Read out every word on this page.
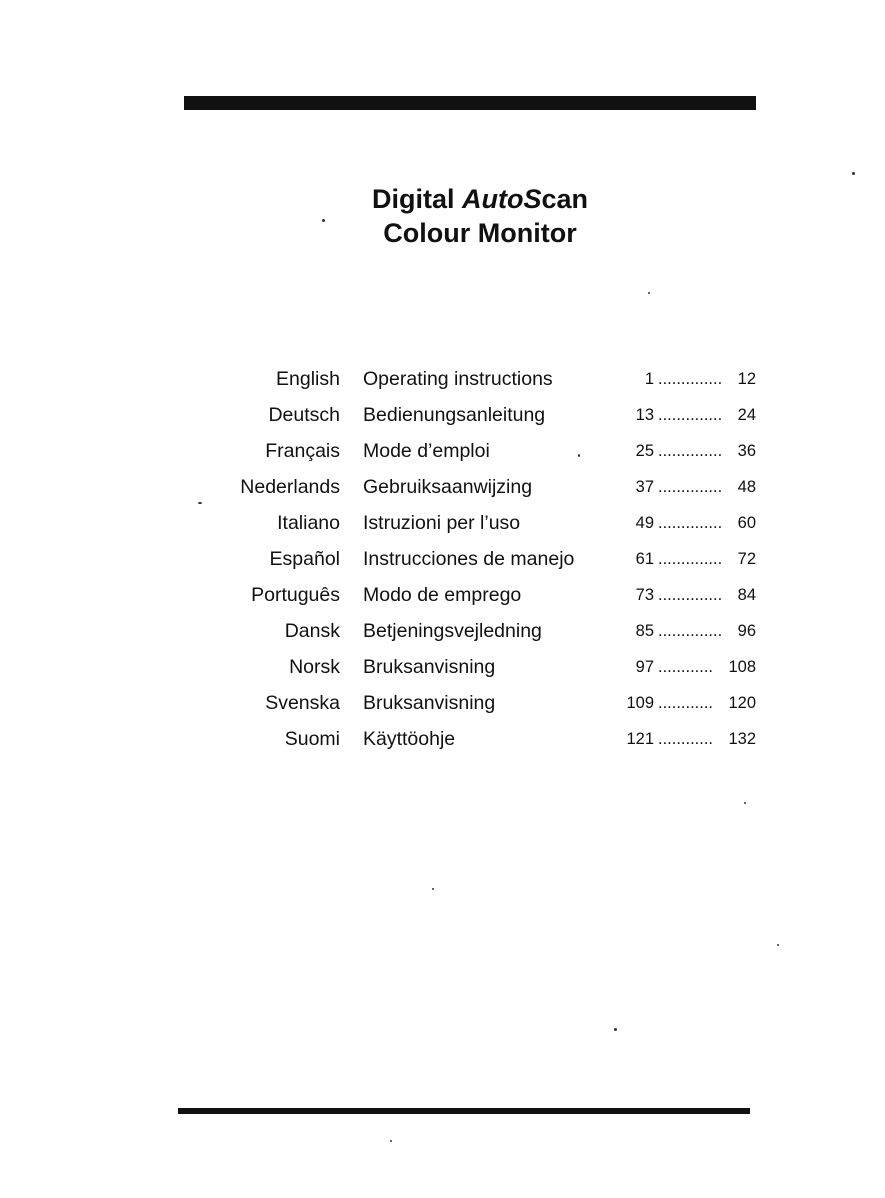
Digital AutoScan
Colour Monitor
English Operating instructions	1 .............. 12
Deutsch Bedienungsanleitung	13 .............. 24
Français Mode d’emploi	25 .............. 36
Nederlands Gebruiksaanwijzing	37 .............. 48
Italiano Istruzioni per l’uso	49 .............. 60
Español Instrucciones de manejo	61 .............. 72
Português Modo de emprego	73 .............. 84
Dansk Betjeningsvejledning	85 .............. 96
Norsk Bruksanvisning	97 ............ 108
Svenska Bruksanvisning	109 ............ 120
Suomi Käyttöohje	121 ............ 132
